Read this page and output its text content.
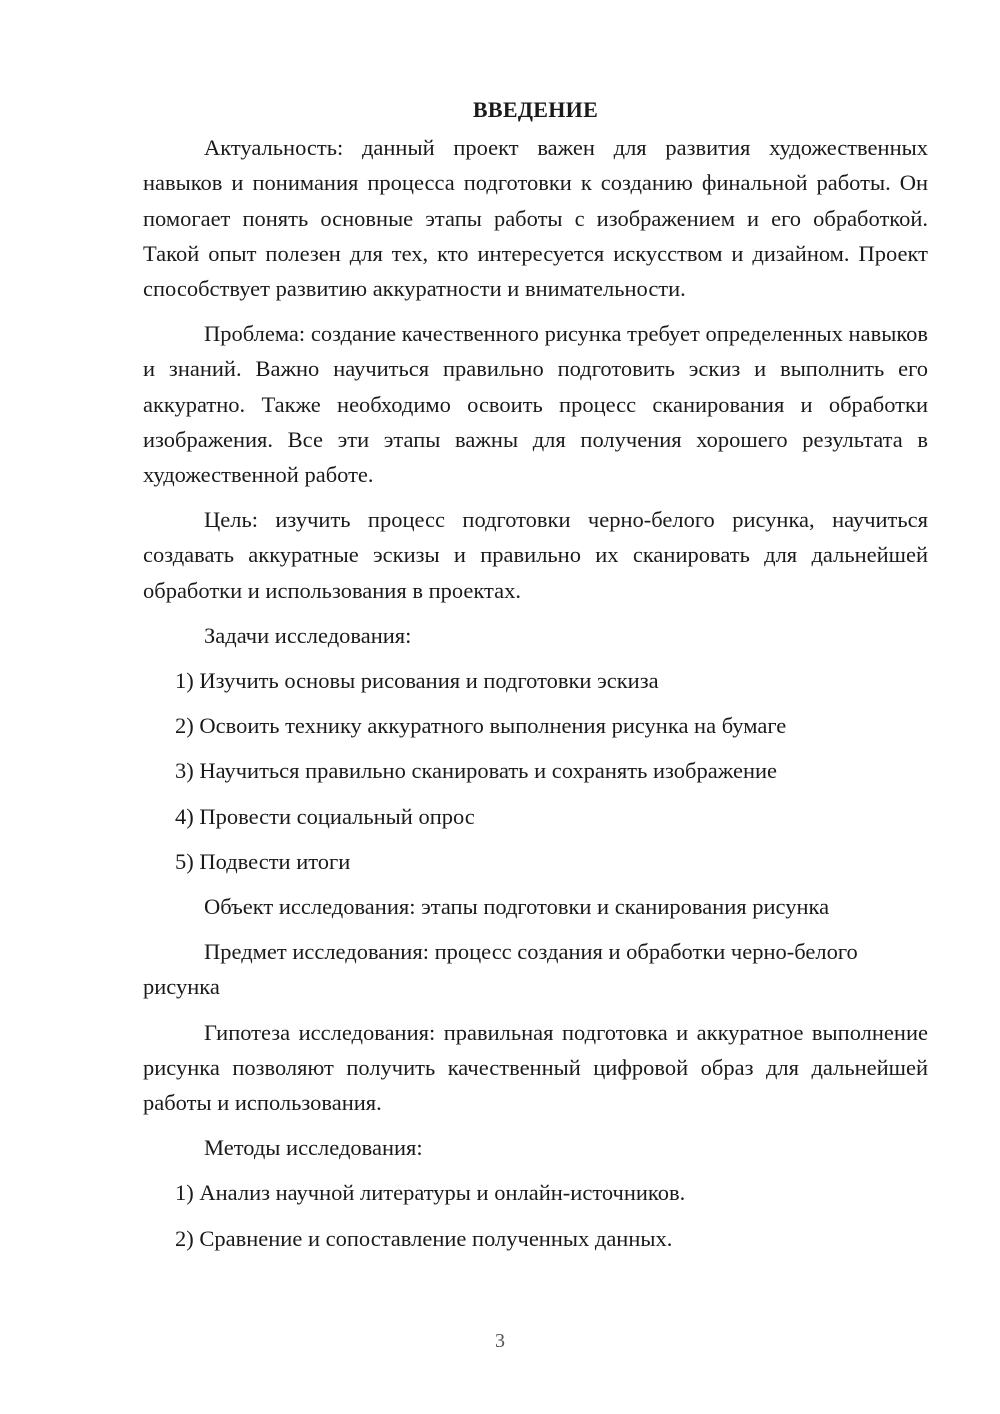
ВВЕДЕНИЕ

Актуальность: данный проект важен для развития художественных навыков и понимания процесса подготовки к созданию финальной работы. Он помогает понять основные этапы работы с изображением и его обработкой. Такой опыт полезен для тех, кто интересуется искусством и дизайном. Проект способствует развитию аккуратности и внимательности.

Проблема: создание качественного рисунка требует определенных навыков и знаний. Важно научиться правильно подготовить эскиз и выполнить его аккуратно. Также необходимо освоить процесс сканирования и обработки изображения. Все эти этапы важны для получения хорошего результата в художественной работе.

Цель: изучить процесс подготовки черно-белого рисунка, научиться создавать аккуратные эскизы и правильно их сканировать для дальнейшей обработки и использования в проектах.

Задачи исследования:

1) Изучить основы рисования и подготовки эскиза

2) Освоить технику аккуратного выполнения рисунка на бумаге

3) Научиться правильно сканировать и сохранять изображение

4) Провести социальный опрос

5) Подвести итоги

Объект исследования: этапы подготовки и сканирования рисунка

Предмет исследования: процесс создания и обработки черно-белого рисунка

Гипотеза исследования: правильная подготовка и аккуратное выполнение рисунка позволяют получить качественный цифровой образ для дальнейшей работы и использования.

Методы исследования:

1) Анализ научной литературы и онлайн-источников.

2) Сравнение и сопоставление полученных данных.

3
